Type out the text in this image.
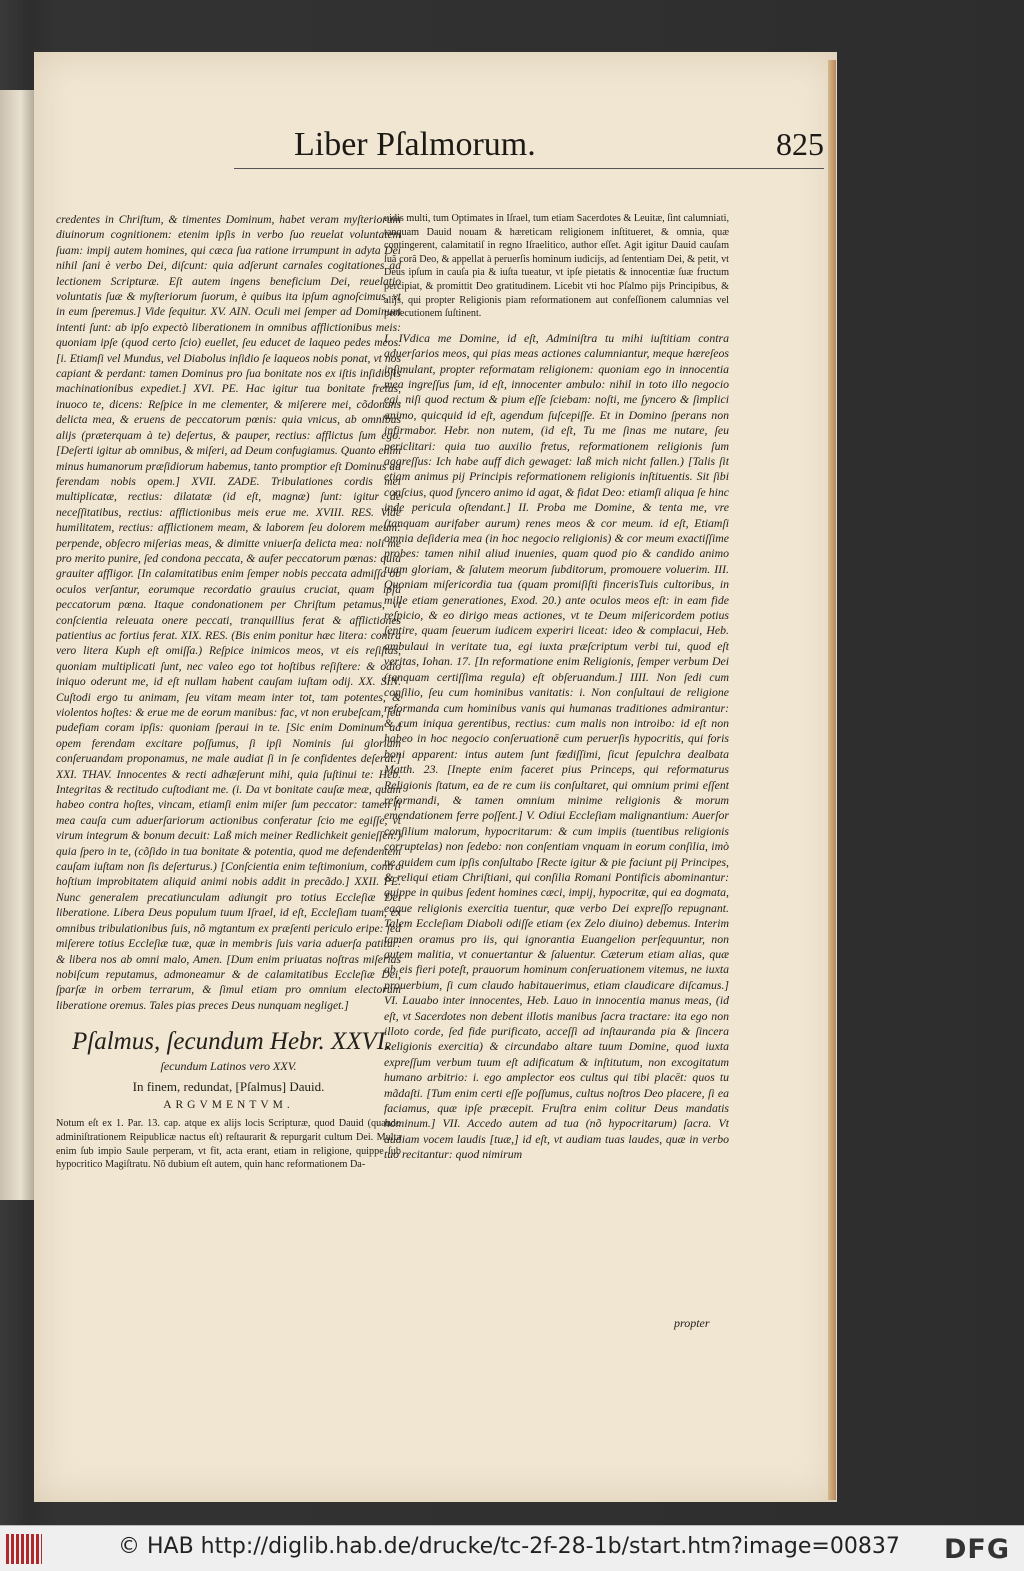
Liber Pſalmorum.	825

credentes in Chriſtum, & timentes Dominum, habet veram myſteriorum diuinorum cognitionem: etenim ipſis in verbo ſuo reuelat voluntatem ſuam: impij autem homines, qui cæca ſua ratione irrumpunt in adyta Dei nihil ſani è verbo Dei, diſcunt: quia adſerunt carnales cogitationes ad lectionem Scripturæ. Eſt autem ingens beneficium Dei, reuelatio voluntatis ſuæ & myſteriorum ſuorum, è quibus ita ipſum agnoſcimus, vt in eum ſperemus.] Vide ſequitur. XV. AIN. Oculi mei ſemper ad Dominum intenti ſunt: ab ipſo expectò liberationem in omnibus afflictionibus meis: quoniam ipſe (quod certo ſcio) euellet, ſeu educet de laqueo pedes meos. [i. Etiamſi vel Mundus, vel Diabolus inſidio ſe laqueos nobis ponat, vt nos capiant & perdant: tamen Dominus pro ſua bonitate nos ex iſtis inſidioſis machinationibus expediet.] XVI. PE. Hac igitur tua bonitate fretus, inuoco te, dicens: Reſpice in me clementer, & miſerere mei, cõdonans delicta mea, & eruens de peccatorum pœnis: quia vnicus, ab omnibus alijs (præterquam à te) deſertus, & pauper, rectius: afflictus ſum ego. [Deſerti igitur ab omnibus, & miſeri, ad Deum confugiamus. Quanto enim minus humanorum præſidiorum habemus, tanto promptior eſt Dominus ad ferendam nobis opem.] XVII. ZADE. Tribulationes cordis mei multiplicatæ, rectius: dilatatæ (id eſt, magnæ) ſunt: igitur de neceſſitatibus, rectius: afflictionibus meis erue me. XVIII. RES. Vide humilitatem, rectius: afflictionem meam, & laborem ſeu dolorem meum: perpende, obſecro miſerias meas, & dimitte vniuerſa delicta mea: noli me pro merito punire, ſed condona peccata, & aufer peccatorum pœnas: quia grauiter affligor. [In calamitatibus enim ſemper nobis peccata admiſſa ob oculos verſantur, eorumque recordatio grauius cruciat, quam ipſa peccatorum pœna. Itaque condonationem per Chriſtum petamus, vt conſcientia releuata onere peccati, tranquillius ferat & afflictiones patientius ac fortius ferat. XIX. RES. (Bis enim ponitur hæc litera: contra vero litera Kuph eſt omiſſa.) Reſpice inimicos meos, vt eis reſiſtas, quoniam multiplicati ſunt, nec valeo ego tot hoſtibus reſiſtere: & odio iniquo oderunt me, id eſt nullam habent cauſam iuſtam odij. XX. SIN. Cuſtodi ergo tu animam, ſeu vitam meam inter tot, tam potentes, & violentos hoſtes: & erue me de eorum manibus: fac, vt non erubeſcam, ſeu pudefiam coram ipſis: quoniam ſperaui in te. [Sic enim Dominum ad opem ferendam excitare poſſumus, ſi ipſi Nominis ſui gloriam conſeruandam proponamus, ne male audiat ſi in ſe confidentes deſerat.] XXI. THAV. Innocentes & recti adhæſerunt mihi, quia ſuſtinui te: Heb. Integritas & rectitudo cuſtodiant me. (i. Da vt bonitate cauſæ meæ, quam habeo contra hoſtes, vincam, etiamſi enim miſer ſum peccator: tamen ſi mea cauſa cum aduerſariorum actionibus conferatur ſcio me egiſſe, vt virum integrum & bonum decuit: Laß mich meiner Redlichkeit genieſſen:) quia ſpero in te, (cõſido in tua bonitate & potentia, quod me defendentem cauſam iuſtam non ſis deſerturus.) [Conſcientia enim teſtimonium, contra hoſtium improbitatem aliquid animi nobis addit in precãdo.] XXII. PE. Nunc generalem precatiunculam adiungit pro totius Eccleſiæ Dei liberatione. Libera Deus populum tuum Iſrael, id eſt, Eccleſiam tuam, ex omnibus tribulationibus ſuis, nõ mgtantum ex præſenti periculo eripe: ſed miſerere totius Eccleſiæ tuæ, quæ in membris ſuis varia aduerſa patitur: & libera nos ab omni malo, Amen. [Dum enim priuatas noſtras miſerias nobiſcum reputamus, admoneamur & de calamitatibus Eccleſiæ Dei, ſparſæ in orbem terrarum, & ſimul etiam pro omnium electorum liberatione oremus. Tales pias preces Deus nunquam negliget.]

Pſalmus, ſecundum Hebr. XXVI.
ſecundum Latinos vero XXV.
In finem, redundat, [Pſalmus] Dauid.
ARGVMENTVM.

Notum eſt ex 1. Par. 13. cap. atque ex alijs locis Scripturæ, quod Dauid (quando adminiſtrationem Reipublicæ nactus eſt) reſtaurarit & repurgarit cultum Dei. Multa enim ſub impio Saule perperam, vt fit, acta erant, etiam in religione, quippe ſub hypocritico Magiſtratu. Nõ dubium eſt autem, quin hanc reformationem Da-

uidis multi, tum Optimates in Iſrael, tum etiam Sacerdotes & Leuitæ, ſint calumniati, tanquam Dauid nouam & hæreticam religionem inſtitueret, & omnia, quæ contingerent, calamitatiſ in regno Iſraelitico, author eſſet. Agit igitur Dauid cauſam ſuã corã Deo, & appellat à peruerſis hominum iudicijs, ad ſententiam Dei, & petit, vt Deus ipſum in cauſa pia & iuſta tueatur, vt ipſe pietatis & innocentiæ ſuæ fructum percipiat, & promittit Deo gratitudinem. Licebit vti hoc Pſalmo pijs Principibus, & alijs, qui propter Religionis piam reformationem aut confeſſionem calumnias vel perſecutionem ſuſtinent.

I. IVdica me Domine, id eſt, Adminiſtra tu mihi iuſtitiam contra aduerſarios meos, qui pias meas actiones calumniantur, meque hæreſeos inſimulant, propter reformatam religionem: quoniam ego in innocentia mea ingreſſus ſum, id eſt, innocenter ambulo: nihil in toto illo negocio egi, niſi quod rectum & pium eſſe ſciebam: noſti, me ſyncero & ſimplici animo, quicquid id eſt, agendum ſuſcepiſſe. Et in Domino ſperans non infirmabor. Hebr. non nutem, (id eſt, Tu me ſinas me nutare, ſeu periclitari: quia tuo auxilio fretus, reformationem religionis ſum aggreſſus: Ich habe auff dich gewaget: laß mich nicht fallen.) [Talis ſit etiam animus pij Principis reformationem religionis inſtituentis. Sit ſibi conſcius, quod ſyncero animo id agat, & fidat Deo: etiamſi aliqua ſe hinc inde pericula oſtendant.] II. Proba me Domine, & tenta me, vre (tanquam aurifaber aurum) renes meos & cor meum. id eſt, Etiamſi omnia deſideria mea (in hoc negocio religionis) & cor meum exactiſſime probes: tamen nihil aliud inuenies, quam quod pio & candido animo tuam gloriam, & ſalutem meorum ſubditorum, promouere voluerim. III. Quoniam miſericordia tua (quam promiſiſti fincerisTuis cultoribus, in mille etiam generationes, Exod. 20.) ante oculos meos eſt: in eam fide reſpicio, & eo dirigo meas actiones, vt te Deum miſericordem potius ſentire, quam ſeuerum iudicem experiri liceat: ideo & complacui, Heb. ambulaui in veritate tua, egi iuxta præſcriptum verbi tui, quod eſt veritas, Iohan. 17. [In reformatione enim Religionis, ſemper verbum Dei (tanquam certiſſima regula) eſt obſeruandum.] IIII. Non ſedi cum conſilio, ſeu cum hominibus vanitatis: i. Non conſultaui de religione reformanda cum hominibus vanis qui humanas traditiones admirantur: & cum iniqua gerentibus, rectius: cum malis non introibo: id eſt non habeo in hoc negocio conſeruationē cum peruerſis hypocritis, qui foris boni apparent: intus autem ſunt fœdiſſimi, ſicut ſepulchra dealbata Matth. 23. [Inepte enim faceret pius Princeps, qui reformaturus Religionis ſtatum, ea de re cum iis conſultaret, qui omnium primi eſſent reformandi, & tamen omnium minime religionis & morum emendationem ferre poſſent.] V. Odiui Eccleſiam malignantium: Auerſor conſilium malorum, hypocritarum: & cum impiis (tuentibus religionis corruptelas) non ſedebo: non conſentiam vnquam in eorum conſilia, imò ne quidem cum ipſis conſultabo [Recte igitur & pie faciunt pij Principes, & reliqui etiam Chriſtiani, qui conſilia Romani Pontificis abominantur: quippe in quibus ſedent homines cæci, impij, hypocritæ, qui ea dogmata, eaque religionis exercitia tuentur, quæ verbo Dei expreſſo repugnant. Talem Eccleſiam Diaboli odiſſe etiam (ex Zelo diuino) debemus. Interim tamen oramus pro iis, qui ignorantia Euangelion perſequuntur, non autem malitia, vt conuertantur & ſaluentur. Cæterum etiam alias, quæ ab eis fieri poteſt, prauorum hominum conſeruationem vitemus, ne iuxta prouerbium, ſi cum claudo habitauerimus, etiam claudicare diſcamus.] VI. Lauabo inter innocentes, Heb. Lauo in innocentia manus meas, (id eſt, vt Sacerdotes non debent illotis manibus ſacra tractare: ita ego non illoto corde, ſed fide purificato, acceſſi ad inſtauranda pia & ſincera Religionis exercitia) & circundabo altare tuum Domine, quod iuxta expreſſum verbum tuum eſt adificatum & inſtitutum, non excogitatum humano arbitrio: i. ego amplector eos cultus qui tibi placēt: quos tu mãdaſti. [Tum enim certi eſſe poſſumus, cultus noſtros Deo placere, ſi ea faciamus, quæ ipſe præcepit. Fruſtra enim colitur Deus mandatis hominum.] VII. Accedo autem ad tua (nõ hypocritarum) ſacra. Vt audiam vocem laudis [tuæ,] id eſt, vt audiam tuas laudes, quæ in verbo tuo recitantur: quod nimirum

propter
© HAB http://diglib.hab.de/drucke/tc-2f-28-1b/start.htm?image=00837 DFG
